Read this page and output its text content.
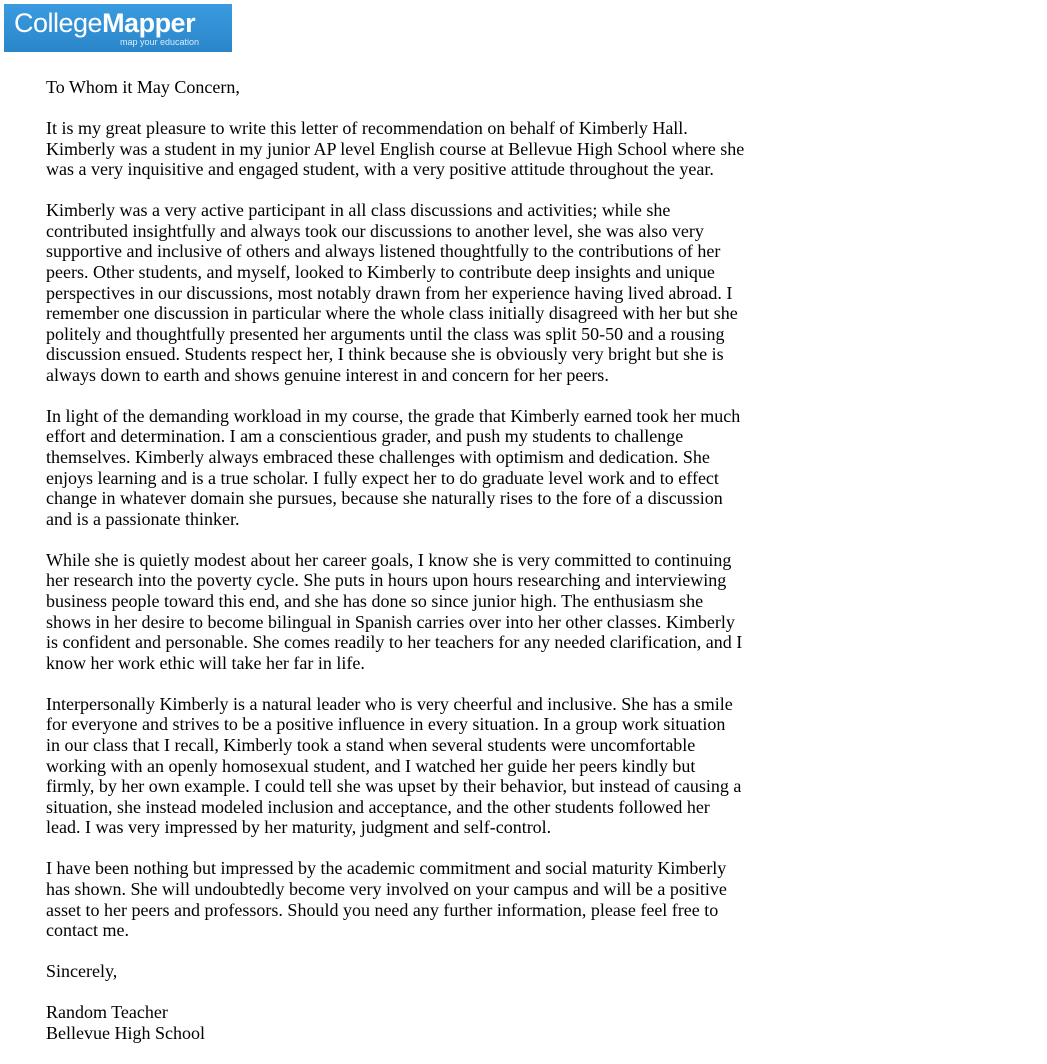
CollegeMapper
map your education

To Whom it May Concern,

It is my great pleasure to write this letter of recommendation on behalf of Kimberly Hall.
Kimberly was a student in my junior AP level English course at Bellevue High School where she
was a very inquisitive and engaged student, with a very positive attitude throughout the year.

Kimberly was a very active participant in all class discussions and activities; while she
contributed insightfully and always took our discussions to another level, she was also very
supportive and inclusive of others and always listened thoughtfully to the contributions of her
peers. Other students, and myself, looked to Kimberly to contribute deep insights and unique
perspectives in our discussions, most notably drawn from her experience having lived abroad. I
remember one discussion in particular where the whole class initially disagreed with her but she
politely and thoughtfully presented her arguments until the class was split 50-50 and a rousing
discussion ensued. Students respect her, I think because she is obviously very bright but she is
always down to earth and shows genuine interest in and concern for her peers.

In light of the demanding workload in my course, the grade that Kimberly earned took her much
effort and determination. I am a conscientious grader, and push my students to challenge
themselves. Kimberly always embraced these challenges with optimism and dedication. She
enjoys learning and is a true scholar. I fully expect her to do graduate level work and to effect
change in whatever domain she pursues, because she naturally rises to the fore of a discussion
and is a passionate thinker.

While she is quietly modest about her career goals, I know she is very committed to continuing
her research into the poverty cycle. She puts in hours upon hours researching and interviewing
business people toward this end, and she has done so since junior high. The enthusiasm she
shows in her desire to become bilingual in Spanish carries over into her other classes. Kimberly
is confident and personable. She comes readily to her teachers for any needed clarification, and I
know her work ethic will take her far in life.

Interpersonally Kimberly is a natural leader who is very cheerful and inclusive. She has a smile
for everyone and strives to be a positive influence in every situation. In a group work situation
in our class that I recall, Kimberly took a stand when several students were uncomfortable
working with an openly homosexual student, and I watched her guide her peers kindly but
firmly, by her own example. I could tell she was upset by their behavior, but instead of causing a
situation, she instead modeled inclusion and acceptance, and the other students followed her
lead. I was very impressed by her maturity, judgment and self-control.

I have been nothing but impressed by the academic commitment and social maturity Kimberly
has shown. She will undoubtedly become very involved on your campus and will be a positive
asset to her peers and professors. Should you need any further information, please feel free to
contact me.

Sincerely,

Random Teacher
Bellevue High School
